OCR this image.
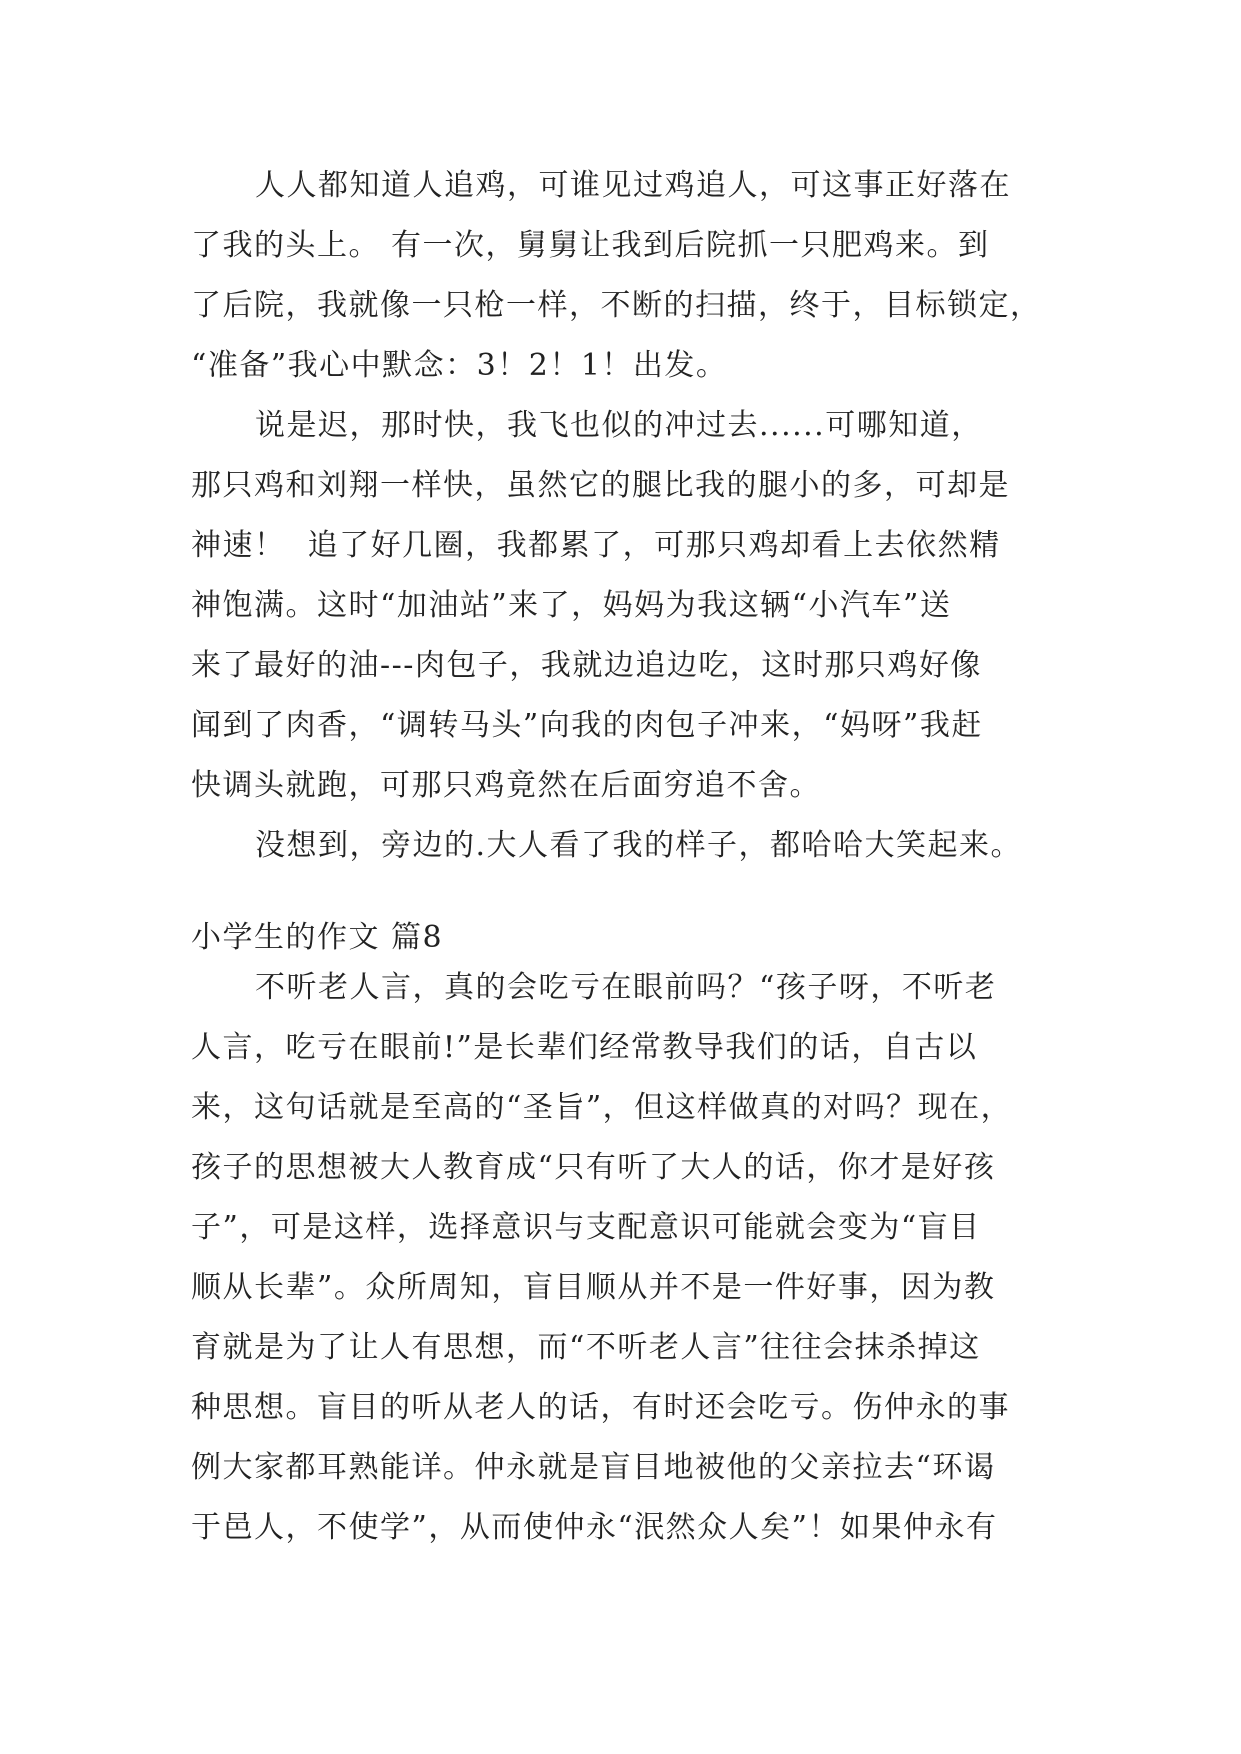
人人都知道人追鸡，可谁见过鸡追人，可这事正好落在
了我的头上。 有一次，舅舅让我到后院抓一只肥鸡来。到
了后院，我就像一只枪一样，不断的扫描，终于，目标锁定，
“准备”我心中默念：3！2！1！出发。
说是迟，那时快，我飞也似的冲过去......可哪知道，
那只鸡和刘翔一样快，虽然它的腿比我的腿小的多，可却是
神速！  追了好几圈，我都累了，可那只鸡却看上去依然精
神饱满。这时“加油站”来了，妈妈为我这辆“小汽车”送
来了最好的油---肉包子，我就边追边吃，这时那只鸡好像
闻到了肉香，“调转马头”向我的肉包子冲来，“妈呀”我赶
快调头就跑，可那只鸡竟然在后面穷追不舍。
没想到，旁边的.大人看了我的样子，都哈哈大笑起来。
小学生的作文 篇8
不听老人言，真的会吃亏在眼前吗？“孩子呀，不听老
人言，吃亏在眼前!”是长辈们经常教导我们的话，自古以
来，这句话就是至高的“圣旨”，但这样做真的对吗？现在，
孩子的思想被大人教育成“只有听了大人的话，你才是好孩
子”，可是这样，选择意识与支配意识可能就会变为“盲目
顺从长辈”。众所周知，盲目顺从并不是一件好事，因为教
育就是为了让人有思想，而“不听老人言”往往会抹杀掉这
种思想。盲目的听从老人的话，有时还会吃亏。伤仲永的事
例大家都耳熟能详。仲永就是盲目地被他的父亲拉去“环谒
于邑人，不使学”，从而使仲永“泯然众人矣”！如果仲永有
